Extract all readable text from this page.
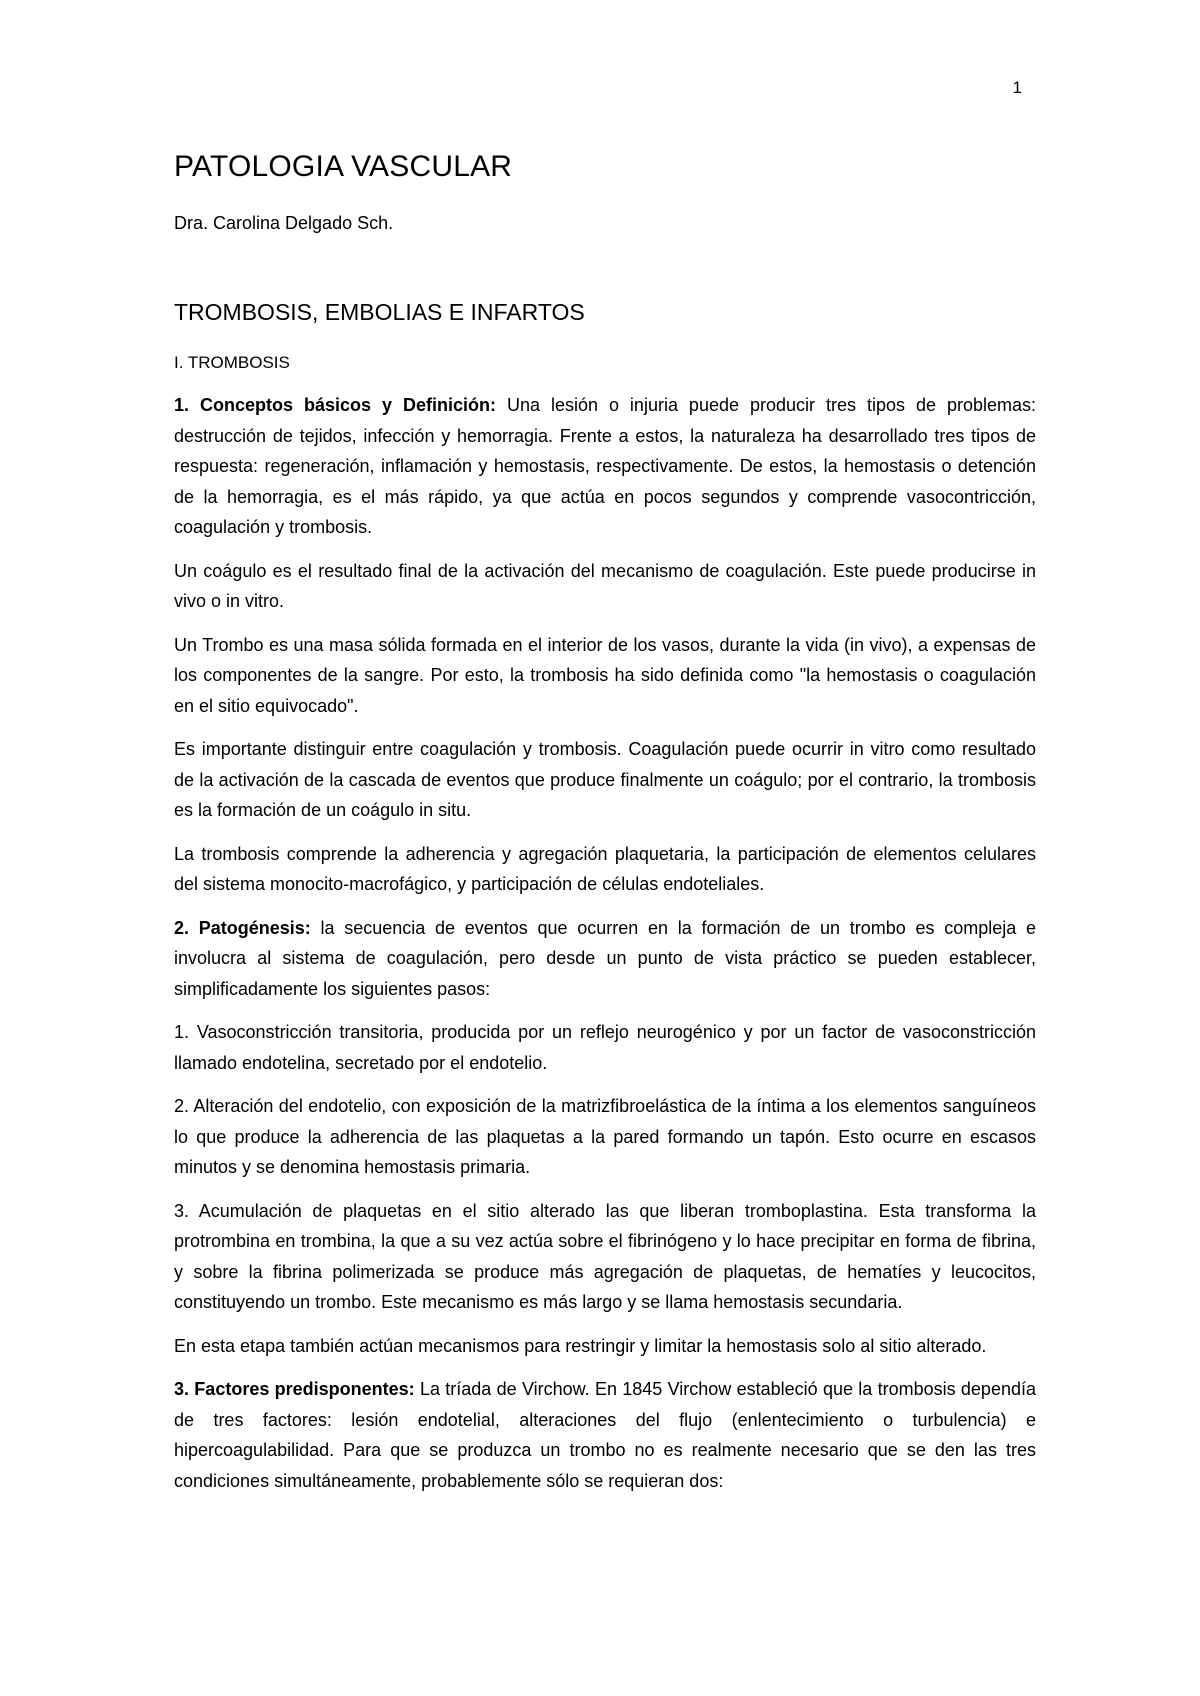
1
PATOLOGIA VASCULAR
Dra. Carolina Delgado Sch.
TROMBOSIS, EMBOLIAS E INFARTOS
I. TROMBOSIS

1. Conceptos básicos y Definición: Una lesión o injuria puede producir tres tipos de problemas: destrucción de tejidos, infección y hemorragia. Frente a estos, la naturaleza ha desarrollado tres tipos de respuesta: regeneración, inflamación y hemostasis, respectivamente. De estos, la hemostasis o detención de la hemorragia, es el más rápido, ya que actúa en pocos segundos y comprende vasocontricción, coagulación y trombosis.

Un coágulo es el resultado final de la activación del mecanismo de coagulación. Este puede producirse in vivo o in vitro.

Un Trombo es una masa sólida formada en el interior de los vasos, durante la vida (in vivo), a expensas de los componentes de la sangre. Por esto, la trombosis ha sido definida como "la hemostasis o coagulación en el sitio equivocado".

Es importante distinguir entre coagulación y trombosis. Coagulación puede ocurrir in vitro como resultado de la activación de la cascada de eventos que produce finalmente un coágulo; por el contrario, la trombosis es la formación de un coágulo in situ.

La trombosis comprende la adherencia y agregación plaquetaria, la participación de elementos celulares del sistema monocito-macrofágico, y participación de células endoteliales.

2. Patogénesis: la secuencia de eventos que ocurren en la formación de un trombo es compleja e involucra al sistema de coagulación, pero desde un punto de vista práctico se pueden establecer, simplificadamente los siguientes pasos:

1. Vasoconstricción transitoria, producida por un reflejo neurogénico y por un factor de vasoconstricción llamado endotelina, secretado por el endotelio.

2. Alteración del endotelio, con exposición de la matrizfibroelástica de la íntima a los elementos sanguíneos lo que produce la adherencia de las plaquetas a la pared formando un tapón. Esto ocurre en escasos minutos y se denomina hemostasis primaria.

3. Acumulación de plaquetas en el sitio alterado las que liberan tromboplastina. Esta transforma la protrombina en trombina, la que a su vez actúa sobre el fibrinógeno y lo hace precipitar en forma de fibrina, y sobre la fibrina polimerizada se produce más agregación de plaquetas, de hematíes y leucocitos, constituyendo un trombo. Este mecanismo es más largo y se llama hemostasis secundaria.

En esta etapa también actúan mecanismos para restringir y limitar la hemostasis solo al sitio alterado.

3. Factores predisponentes: La tríada de Virchow. En 1845 Virchow estableció que la trombosis dependía de tres factores: lesión endotelial, alteraciones del flujo (enlentecimiento o turbulencia) e hipercoagulabilidad. Para que se produzca un trombo no es realmente necesario que se den las tres condiciones simultáneamente, probablemente sólo se requieran dos:
